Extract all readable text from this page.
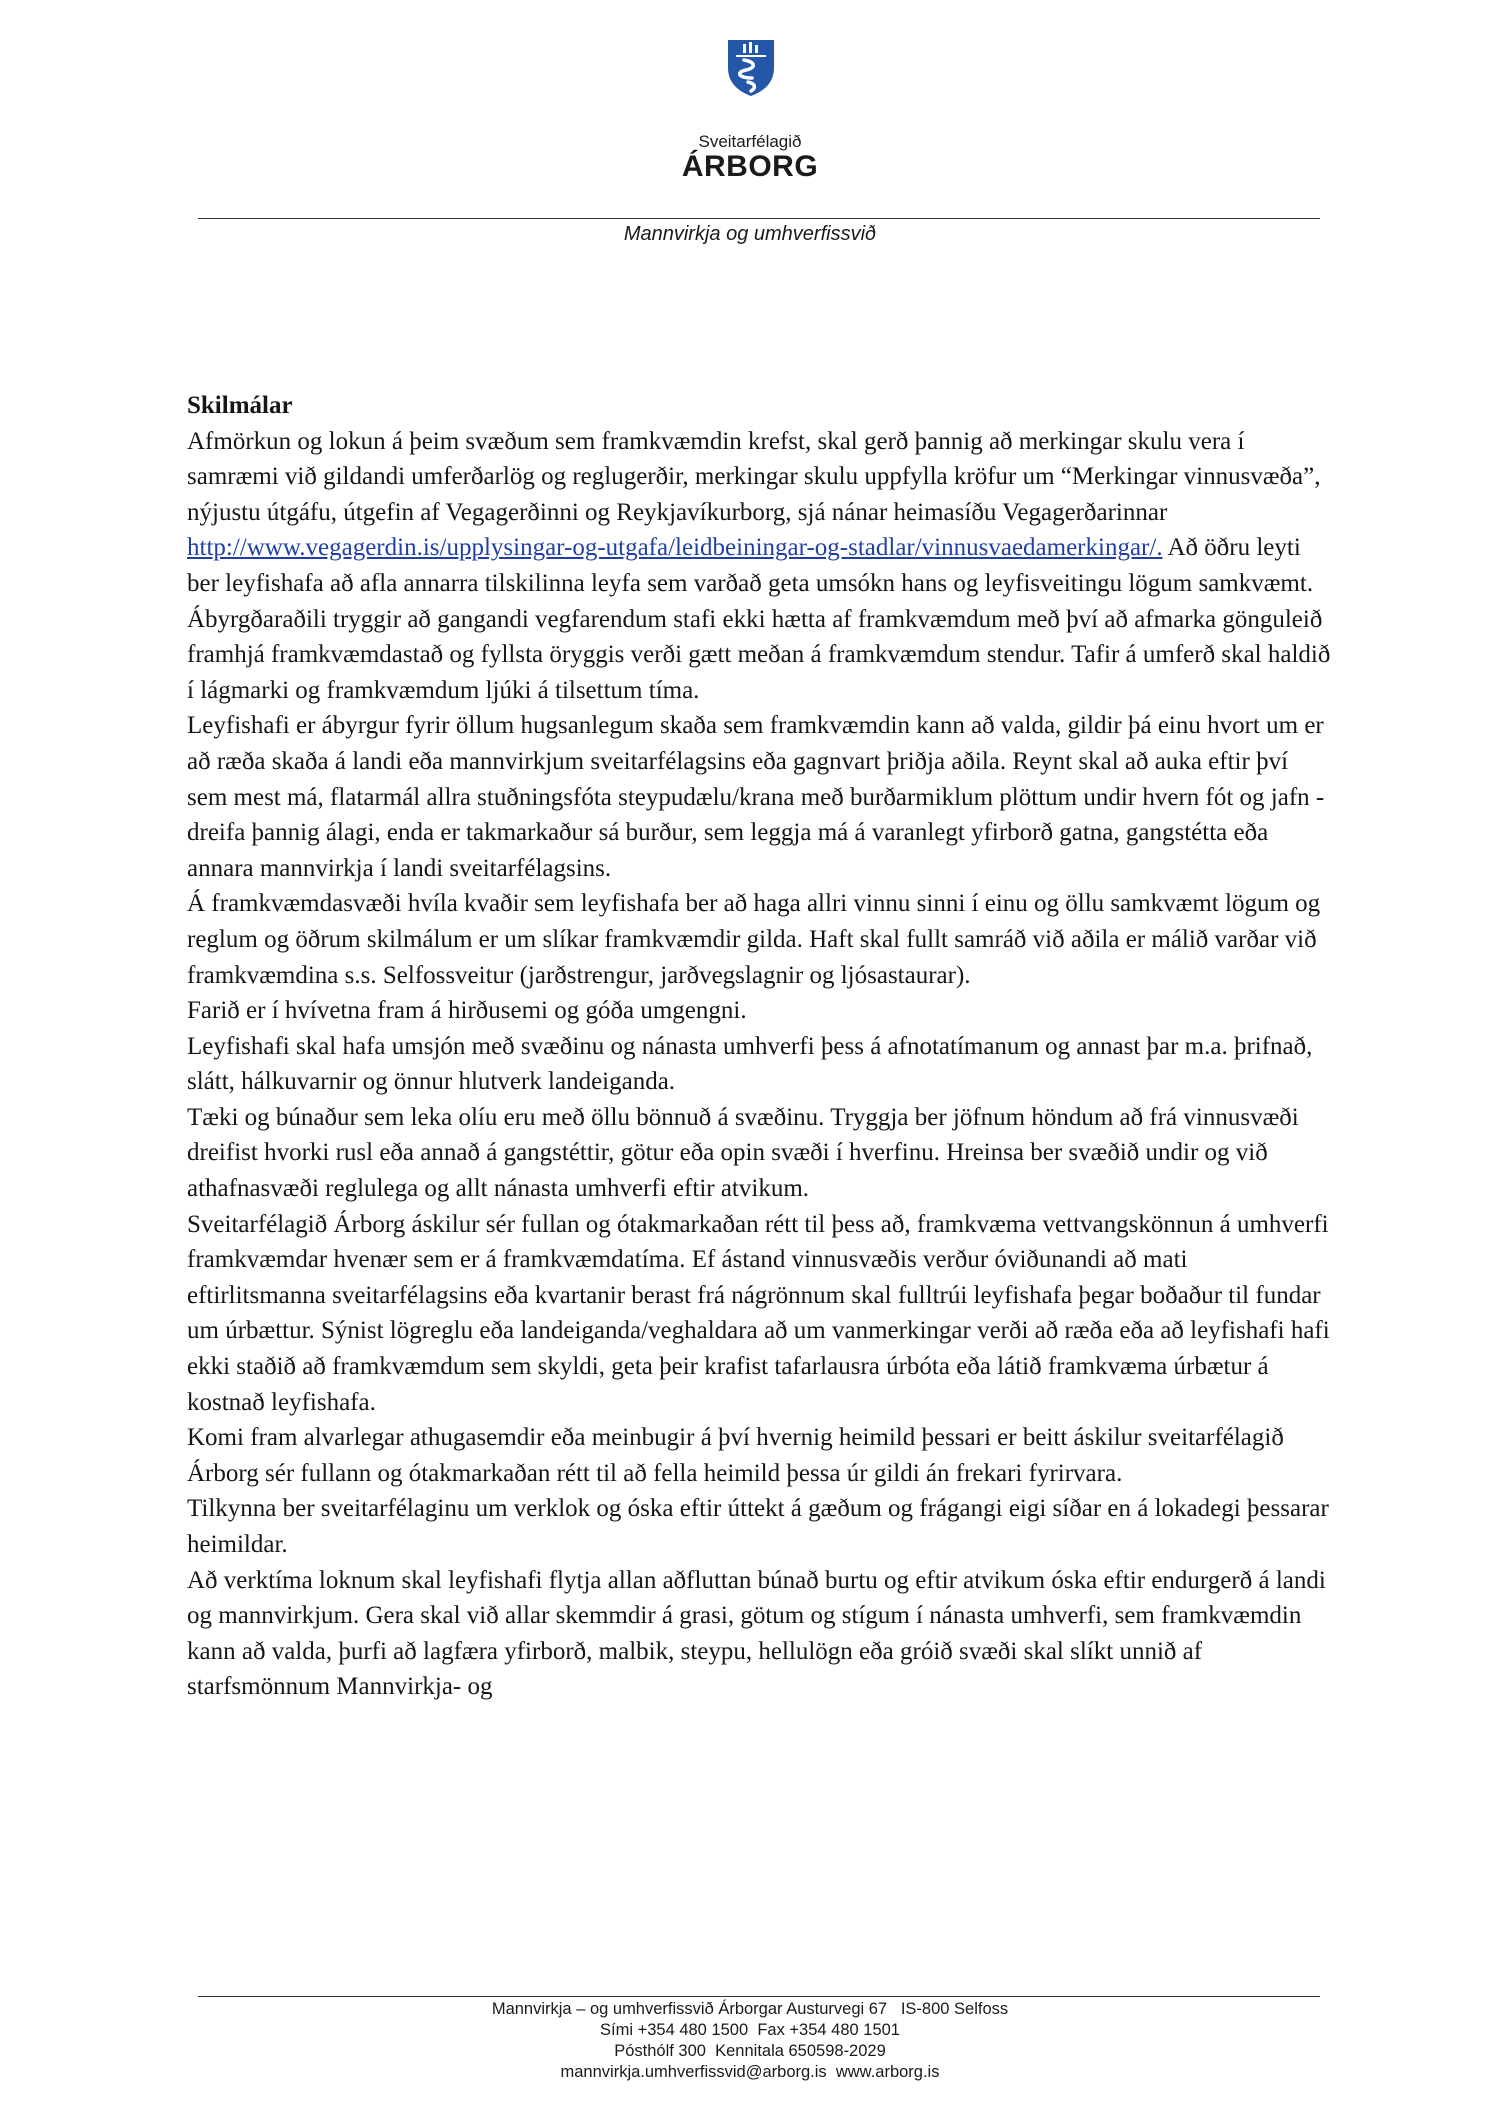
Sveitarfélagið
ÁRBORG
Mannvirkja og umhverfissvið
Skilmálar

Afmörkun og lokun á þeim svæðum sem framkvæmdin krefst, skal gerð þannig að merkingar skulu vera í samræmi við gildandi umferðarlög og reglugerðir, merkingar skulu uppfylla kröfur um “Merkingar vinnusvæða”, nýjustu útgáfu, útgefin af Vegagerðinni og Reykjavíkurborg, sjá nánar heimasíðu Vegagerðarinnar http://www.vegagerdin.is/upplysingar-og-utgafa/leidbeiningar-og-stadlar/vinnusvaedamerkingar/. Að öðru leyti ber leyfishafa að afla annarra tilskilinna leyfa sem varðað geta umsókn hans og leyfisveitingu lögum samkvæmt.

Ábyrgðaraðili tryggir að gangandi vegfarendum stafi ekki hætta af framkvæmdum með því að afmarka gönguleið framhjá framkvæmdastað og fyllsta öryggis verði gætt meðan á framkvæmdum stendur. Tafir á umferð skal haldið í lágmarki og framkvæmdum ljúki á tilsettum tíma.

Leyfishafi er ábyrgur fyrir öllum hugsanlegum skaða sem framkvæmdin kann að valda, gildir þá einu hvort um er að ræða skaða á landi eða mannvirkjum sveitarfélagsins eða gagnvart þriðja aðila. Reynt skal að auka eftir því sem mest má, flatarmál allra stuðningsfóta steypudælu/krana með burðarmiklum plöttum undir hvern fót og jafn - dreifa þannig álagi, enda er takmarkaður sá burður, sem leggja má á varanlegt yfirborð gatna, gangstétta eða annara mannvirkja í landi sveitarfélagsins.

Á framkvæmdasvæði hvíla kvaðir sem leyfishafa ber að haga allri vinnu sinni í einu og öllu samkvæmt lögum og reglum og öðrum skilmálum er um slíkar framkvæmdir gilda. Haft skal fullt samráð við aðila er málið varðar við framkvæmdina s.s. Selfossveitur (jarðstrengur, jarðvegslagnir og ljósastaurar).

Farið er í hvívetna fram á hirðusemi og góða umgengni.

Leyfishafi skal hafa umsjón með svæðinu og nánasta umhverfi þess á afnotatímanum og annast þar m.a. þrifnað, slátt, hálkuvarnir og önnur hlutverk landeiganda.

Tæki og búnaður sem leka olíu eru með öllu bönnuð á svæðinu. Tryggja ber jöfnum höndum að frá vinnusvæði dreifist hvorki rusl eða annað á gangstéttir, götur eða opin svæði í hverfinu. Hreinsa ber svæðið undir og við athafnasvæði reglulega og allt nánasta umhverfi eftir atvikum.

Sveitarfélagið Árborg áskilur sér fullan og ótakmarkaðan rétt til þess að, framkvæma vettvangskönnun á umhverfi framkvæmdar hvenær sem er á framkvæmdatíma. Ef ástand vinnusvæðis verður óviðunandi að mati eftirlitsmanna sveitarfélagsins eða kvartanir berast frá nágrönnum skal fulltrúi leyfishafa þegar boðaður til fundar um úrbættur. Sýnist lögreglu eða landeiganda/veghaldara að um vanmerkingar verði að ræða eða að leyfishafi hafi ekki staðið að framkvæmdum sem skyldi, geta þeir krafist tafarlausra úrbóta eða látið framkvæma úrbætur á kostnað leyfishafa.

Komi fram alvarlegar athugasemdir eða meinbugir á því hvernig heimild þessari er beitt áskilur sveitarfélagið Árborg sér fullann og ótakmarkaðan rétt til að fella heimild þessa úr gildi án frekari fyrirvara.

Tilkynna ber sveitarfélaginu um verklok og óska eftir úttekt á gæðum og frágangi eigi síðar en á lokadegi þessarar heimildar.

Að verktíma loknum skal leyfishafi flytja allan aðfluttan búnað burtu og eftir atvikum óska eftir endurgerð á landi og mannvirkjum. Gera skal við allar skemmdir á grasi, götum og stígum í nánasta umhverfi, sem framkvæmdin kann að valda, þurfi að lagfæra yfirborð, malbik, steypu, hellulögn eða gróið svæði skal slíkt unnið af starfsmönnum Mannvirkja- og

Mannvirkja – og umhverfissvið Árborgar Austurvegi 67   IS-800 Selfoss
Sími +354 480 1500  Fax +354 480 1501
Pósthólf 300  Kennitala 650598-2029
mannvirkja.umhverfissvid@arborg.is  www.arborg.is
